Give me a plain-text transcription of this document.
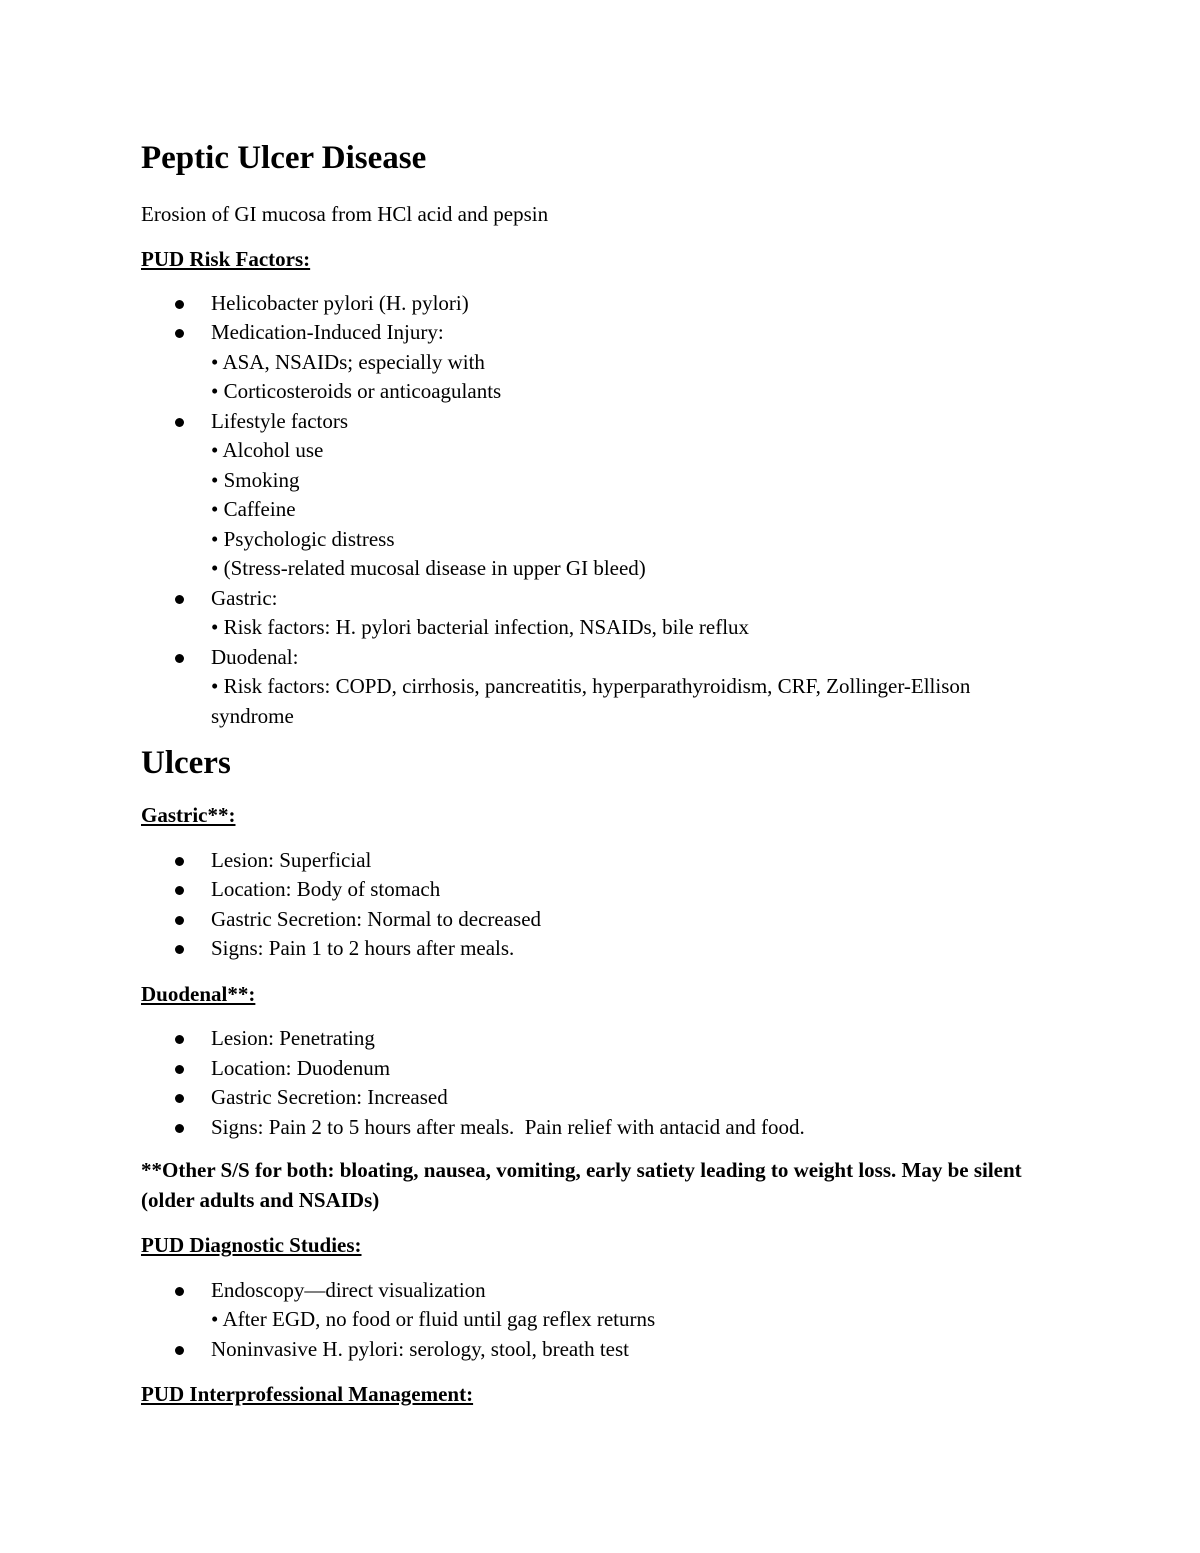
Peptic Ulcer Disease

Erosion of GI mucosa from HCl acid and pepsin

PUD Risk Factors:

Helicobacter pylori (H. pylori)
Medication-Induced Injury:
• ASA, NSAIDs; especially with
• Corticosteroids or anticoagulants
Lifestyle factors
• Alcohol use
• Smoking
• Caffeine
• Psychologic distress
• (Stress-related mucosal disease in upper GI bleed)
Gastric:
• Risk factors: H. pylori bacterial infection, NSAIDs, bile reflux
Duodenal:
• Risk factors: COPD, cirrhosis, pancreatitis, hyperparathyroidism, CRF, Zollinger-Ellison syndrome
Ulcers

Gastric**:

Lesion: Superficial
Location: Body of stomach
Gastric Secretion: Normal to decreased
Signs: Pain 1 to 2 hours after meals.

Duodenal**:

Lesion: Penetrating
Location: Duodenum
Gastric Secretion: Increased
Signs: Pain 2 to 5 hours after meals.  Pain relief with antacid and food.

**Other S/S for both: bloating, nausea, vomiting, early satiety leading to weight loss. May be silent (older adults and NSAIDs)

PUD Diagnostic Studies:

Endoscopy—direct visualization
• After EGD, no food or fluid until gag reflex returns
Noninvasive H. pylori: serology, stool, breath test

PUD Interprofessional Management:
